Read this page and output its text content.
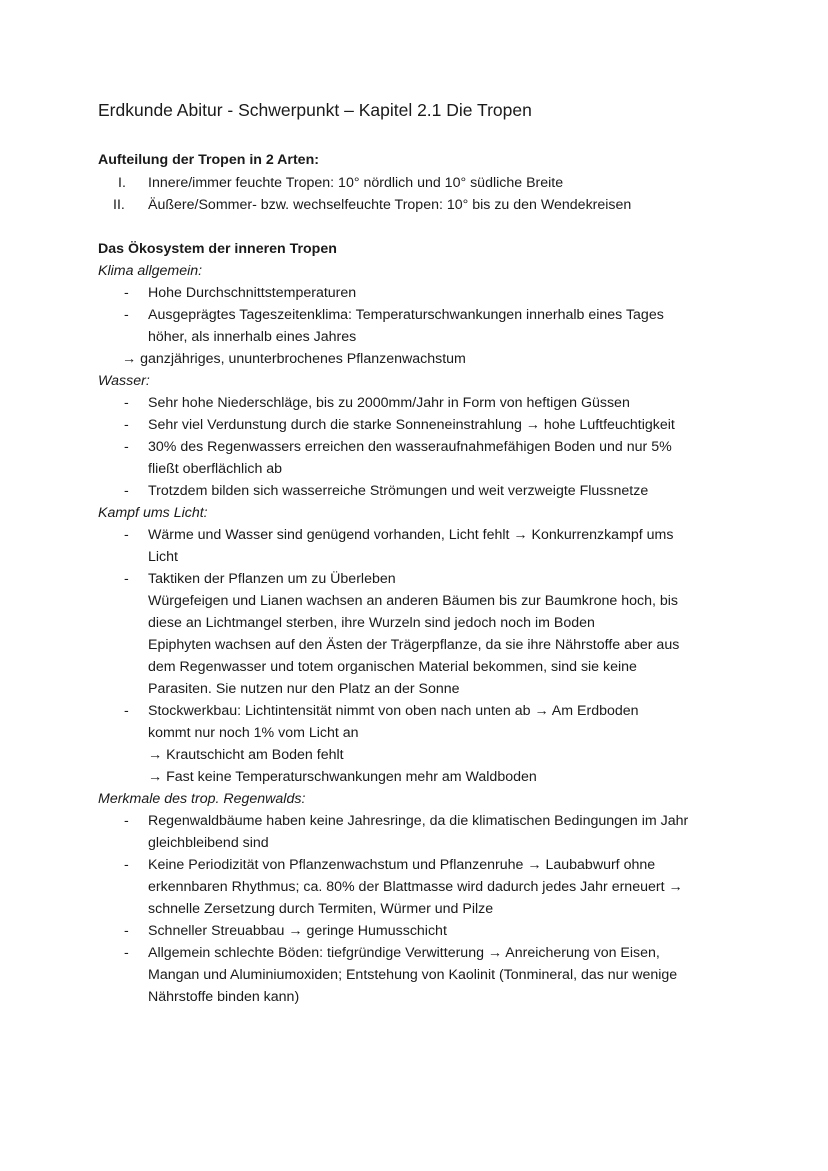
Erdkunde Abitur - Schwerpunkt – Kapitel 2.1 Die Tropen
Aufteilung der Tropen in 2 Arten:
I. Innere/immer feuchte Tropen: 10° nördlich und 10° südliche Breite
II. Äußere/Sommer- bzw. wechselfeuchte Tropen: 10° bis zu den Wendekreisen
Das Ökosystem der inneren Tropen
Klima allgemein:
- Hohe Durchschnittstemperaturen
- Ausgeprägtes Tageszeitenklima: Temperaturschwankungen innerhalb eines Tages
höher, als innerhalb eines Jahres
→ ganzjähriges, ununterbrochenes Pflanzenwachstum
Wasser:
- Sehr hohe Niederschläge, bis zu 2000mm/Jahr in Form von heftigen Güssen
- Sehr viel Verdunstung durch die starke Sonneneinstrahlung → hohe Luftfeuchtigkeit
- 30% des Regenwassers erreichen den wasseraufnahmefähigen Boden und nur 5%
fließt oberflächlich ab
- Trotzdem bilden sich wasserreiche Strömungen und weit verzweigte Flussnetze
Kampf ums Licht:
- Wärme und Wasser sind genügend vorhanden, Licht fehlt → Konkurrenzkampf ums
Licht
- Taktiken der Pflanzen um zu Überleben
Würgefeigen und Lianen wachsen an anderen Bäumen bis zur Baumkrone hoch, bis
diese an Lichtmangel sterben, ihre Wurzeln sind jedoch noch im Boden
Epiphyten wachsen auf den Ästen der Trägerpflanze, da sie ihre Nährstoffe aber aus
dem Regenwasser und totem organischen Material bekommen, sind sie keine
Parasiten. Sie nutzen nur den Platz an der Sonne
- Stockwerkbau: Lichtintensität nimmt von oben nach unten ab → Am Erdboden
kommt nur noch 1% vom Licht an
→ Krautschicht am Boden fehlt
→ Fast keine Temperaturschwankungen mehr am Waldboden
Merkmale des trop. Regenwalds:
- Regenwaldbäume haben keine Jahresringe, da die klimatischen Bedingungen im Jahr
gleichbleibend sind
- Keine Periodizität von Pflanzenwachstum und Pflanzenruhe → Laubabwurf ohne
erkennbaren Rhythmus; ca. 80% der Blattmasse wird dadurch jedes Jahr erneuert →
schnelle Zersetzung durch Termiten, Würmer und Pilze
- Schneller Streuabbau → geringe Humusschicht
- Allgemein schlechte Böden: tiefgründige Verwitterung → Anreicherung von Eisen,
Mangan und Aluminiumoxiden; Entstehung von Kaolinit (Tonmineral, das nur wenige
Nährstoffe binden kann)
